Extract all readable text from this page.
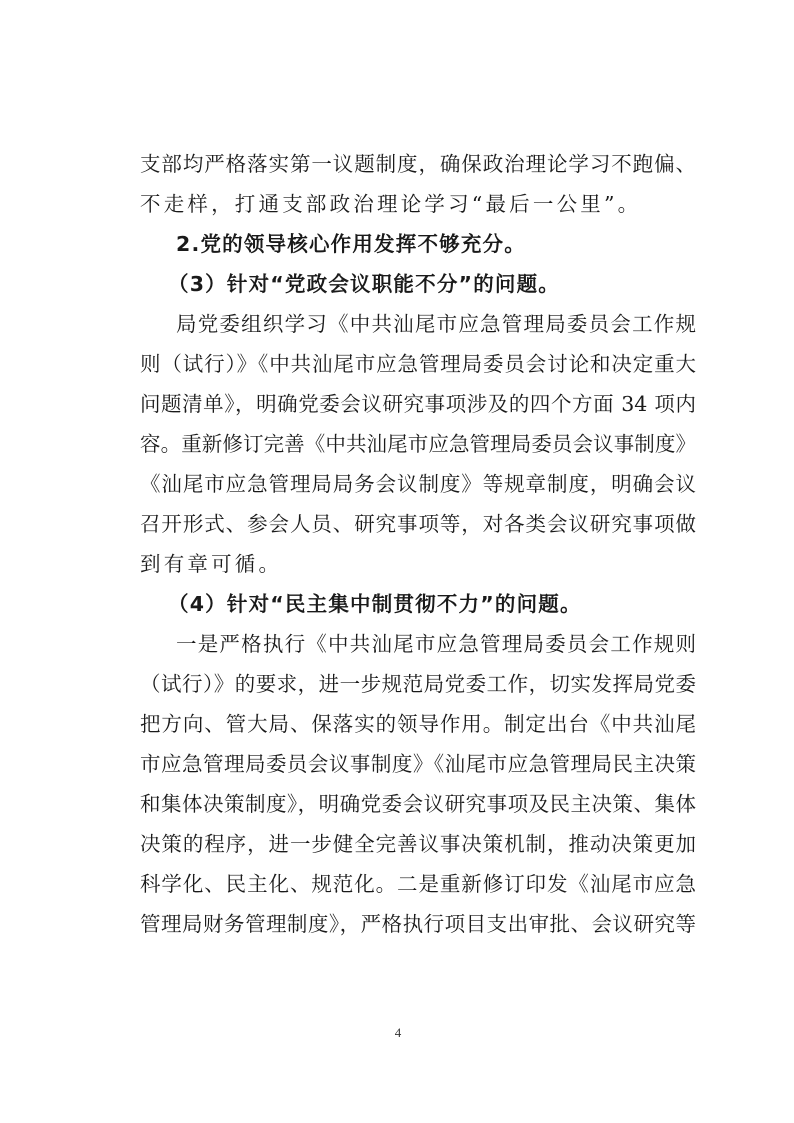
支部均严格落实第一议题制度，确保政治理论学习不跑偏、
不走样，打通支部政治理论学习“最后一公里”。
2.党的领导核心作用发挥不够充分。
（3）针对“党政会议职能不分”的问题。
局党委组织学习《中共汕尾市应急管理局委员会工作规
则（试行）》《中共汕尾市应急管理局委员会讨论和决定重大
问题清单》，明确党委会议研究事项涉及的四个方面 34 项内
容。重新修订完善《中共汕尾市应急管理局委员会议事制度》
《汕尾市应急管理局局务会议制度》等规章制度，明确会议
召开形式、参会人员、研究事项等，对各类会议研究事项做
到有章可循。
（4）针对“民主集中制贯彻不力”的问题。
一是严格执行《中共汕尾市应急管理局委员会工作规则
（试行）》的要求，进一步规范局党委工作，切实发挥局党委
把方向、管大局、保落实的领导作用。制定出台《中共汕尾
市应急管理局委员会议事制度》《汕尾市应急管理局民主决策
和集体决策制度》，明确党委会议研究事项及民主决策、集体
决策的程序，进一步健全完善议事决策机制，推动决策更加
科学化、民主化、规范化。二是重新修订印发《汕尾市应急
管理局财务管理制度》，严格执行项目支出审批、会议研究等
4
